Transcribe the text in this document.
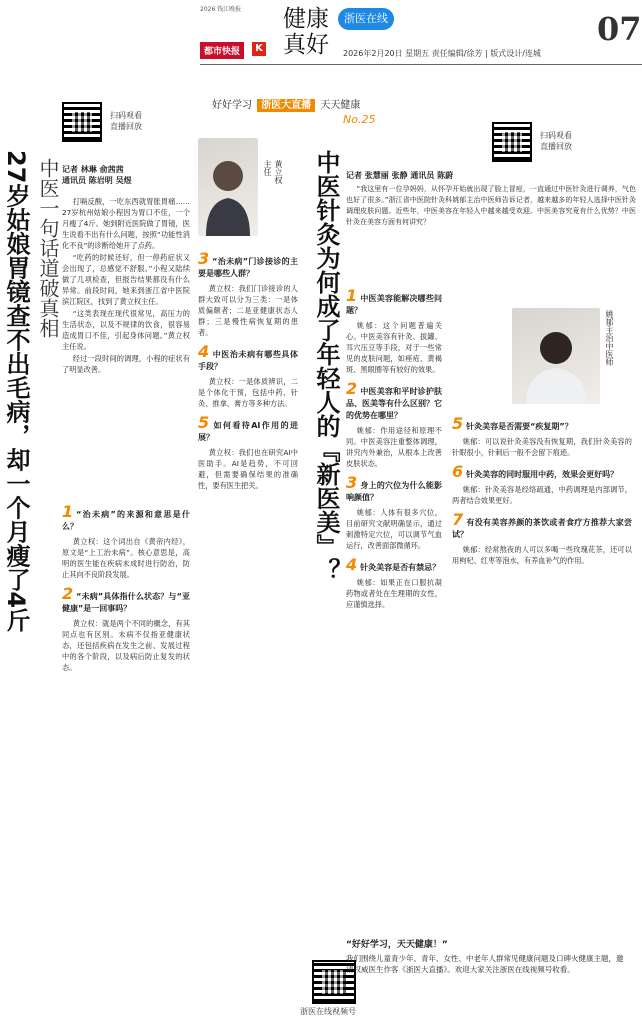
2026 钱江晚报
都市快报	K
健康
真好
浙医在线
2026年2月20日 星期五 责任编辑/徐芳 | 版式设计/连城
07
好好学习 浙医大直播 天天健康
No.25
扫码观看
直播回放
扫码观看
直播回放
浙医在线视频号
27岁姑娘胃镜查不出毛病，却一个月瘦了4斤 中医一句话道破真相 记者 林琳 俞茜茜
通讯员 陈岩明 吴煜

打嗝反酸，一吃东西就胃胀胃痛……27岁杭州姑娘小程因为胃口不佳，一个月瘦了4斤。她到附近医院做了胃镜，医生说看不出有什么问题，按照“功能性消化不良”的诊断给她开了点药。

“吃药的时候还好，但一停药症状又会出现了，总感觉不舒服。”小程又陆续做了几项检查，但报告结果都没有什么异常。前段时间，她来到浙江省中医院滨江院区，找到了黄立权主任。

“这类表现在现代很常见，高压力的生活状态，以及不规律的饮食，很容易造成胃口不佳，引起身体问题。”黄立权主任说。

经过一段时间的调理，小程的症状有了明显改善。

黄立权
主任
1 “治未病”的来源和意思是什么？

黄立权：这个词出自《黄帝内经》，原文是“上工治未病”。核心意思是，高明的医生能在疾病未成时进行防治，防止其向不良阶段发展。

2 “未病”具体指什么状态？与“亚健康”是一回事吗？

黄立权：就是两个不同的概念，有其同点也有区别。未病不仅指亚健康状态，还包括疾病在发生之前、发展过程中的各个阶段，以及病后防止复发的状态。

3 “治未病”门诊接诊的主要是哪些人群？

黄立权：我们门诊接诊的人群大致可以分为三类：一是体质偏颇者；二是亚健康状态人群；三是慢性病恢复期的患者。

4 中医治未病有哪些具体手段？

黄立权：一是体质辨识，二是个体化干预，包括中药、针灸、推拿、膏方等多种方法。

5 如何看待AI作用的进展？

黄立权：我们也在研究AI中医助手。AI是趋势，不可回避，但需要确保结果的准确性，要有医生把关。	中医针灸为何成了年轻人的『新医美』？ 记者 张慧丽 张静 通讯员 陈蔚

“我这里有一位孕妈妈，从怀孕开始就出现了脸上冒痘，一直通过中医针灸进行调养，气色也好了很多。”浙江省中医院针灸科姚郁主治中医师告诉记者，越来越多的年轻人选择中医针灸调理皮肤问题。近些年，中医美容在年轻人中越来越受欢迎。中医美容究竟有什么优势？中医针灸在美容方面有何讲究？

姚郁主治中医师
1 中医美容能解决哪些问题？

姚郁：这个问题普遍关心。中医美容有针灸、拔罐、耳穴压豆等手段，对于一些常见的皮肤问题，如痤疮、黄褐斑、黑眼圈等有较好的效果。

2 中医美容和平时诊护肤品、医美等有什么区别？它的优势在哪里？

姚郁：作用途径和原理不同。中医美容注重整体调理，讲究内外兼治，从根本上改善皮肤状态。

3 身上的穴位为什么能影响颜值？

姚郁：人体有很多穴位，目前研究文献明确显示，通过刺激特定穴位，可以调节气血运行，改善面部微循环。

4 针灸美容是否有禁忌？

姚郁：如果正在口服抗凝药物或者处在生理期的女性，应谨慎选择。

5 针灸美容是否需要“疾复期”？

姚郁：可以说针灸美容没有恢复期，我们针灸美容的针眼很小，针刺后一般不会留下痕迹。

6 针灸美容的同时服用中药，效果会更好吗？

姚郁：针灸美容是经络疏通，中药调理是内部调节，两者结合效果更好。

7 有没有美容养颜的茶饮或者食疗方推荐大家尝试？

姚郁：经常熬夜的人可以多喝一些玫瑰花茶，还可以用枸杞、红枣等泡水，有养血补气的作用。

“好好学习，天天健康！”
我们围绕儿童青少年、青年、女性、中老年人群常见健康问题及口碑火健康主题，邀请权威医生作客《浙医大直播》。欢迎大家关注浙医在线视频号收看。
